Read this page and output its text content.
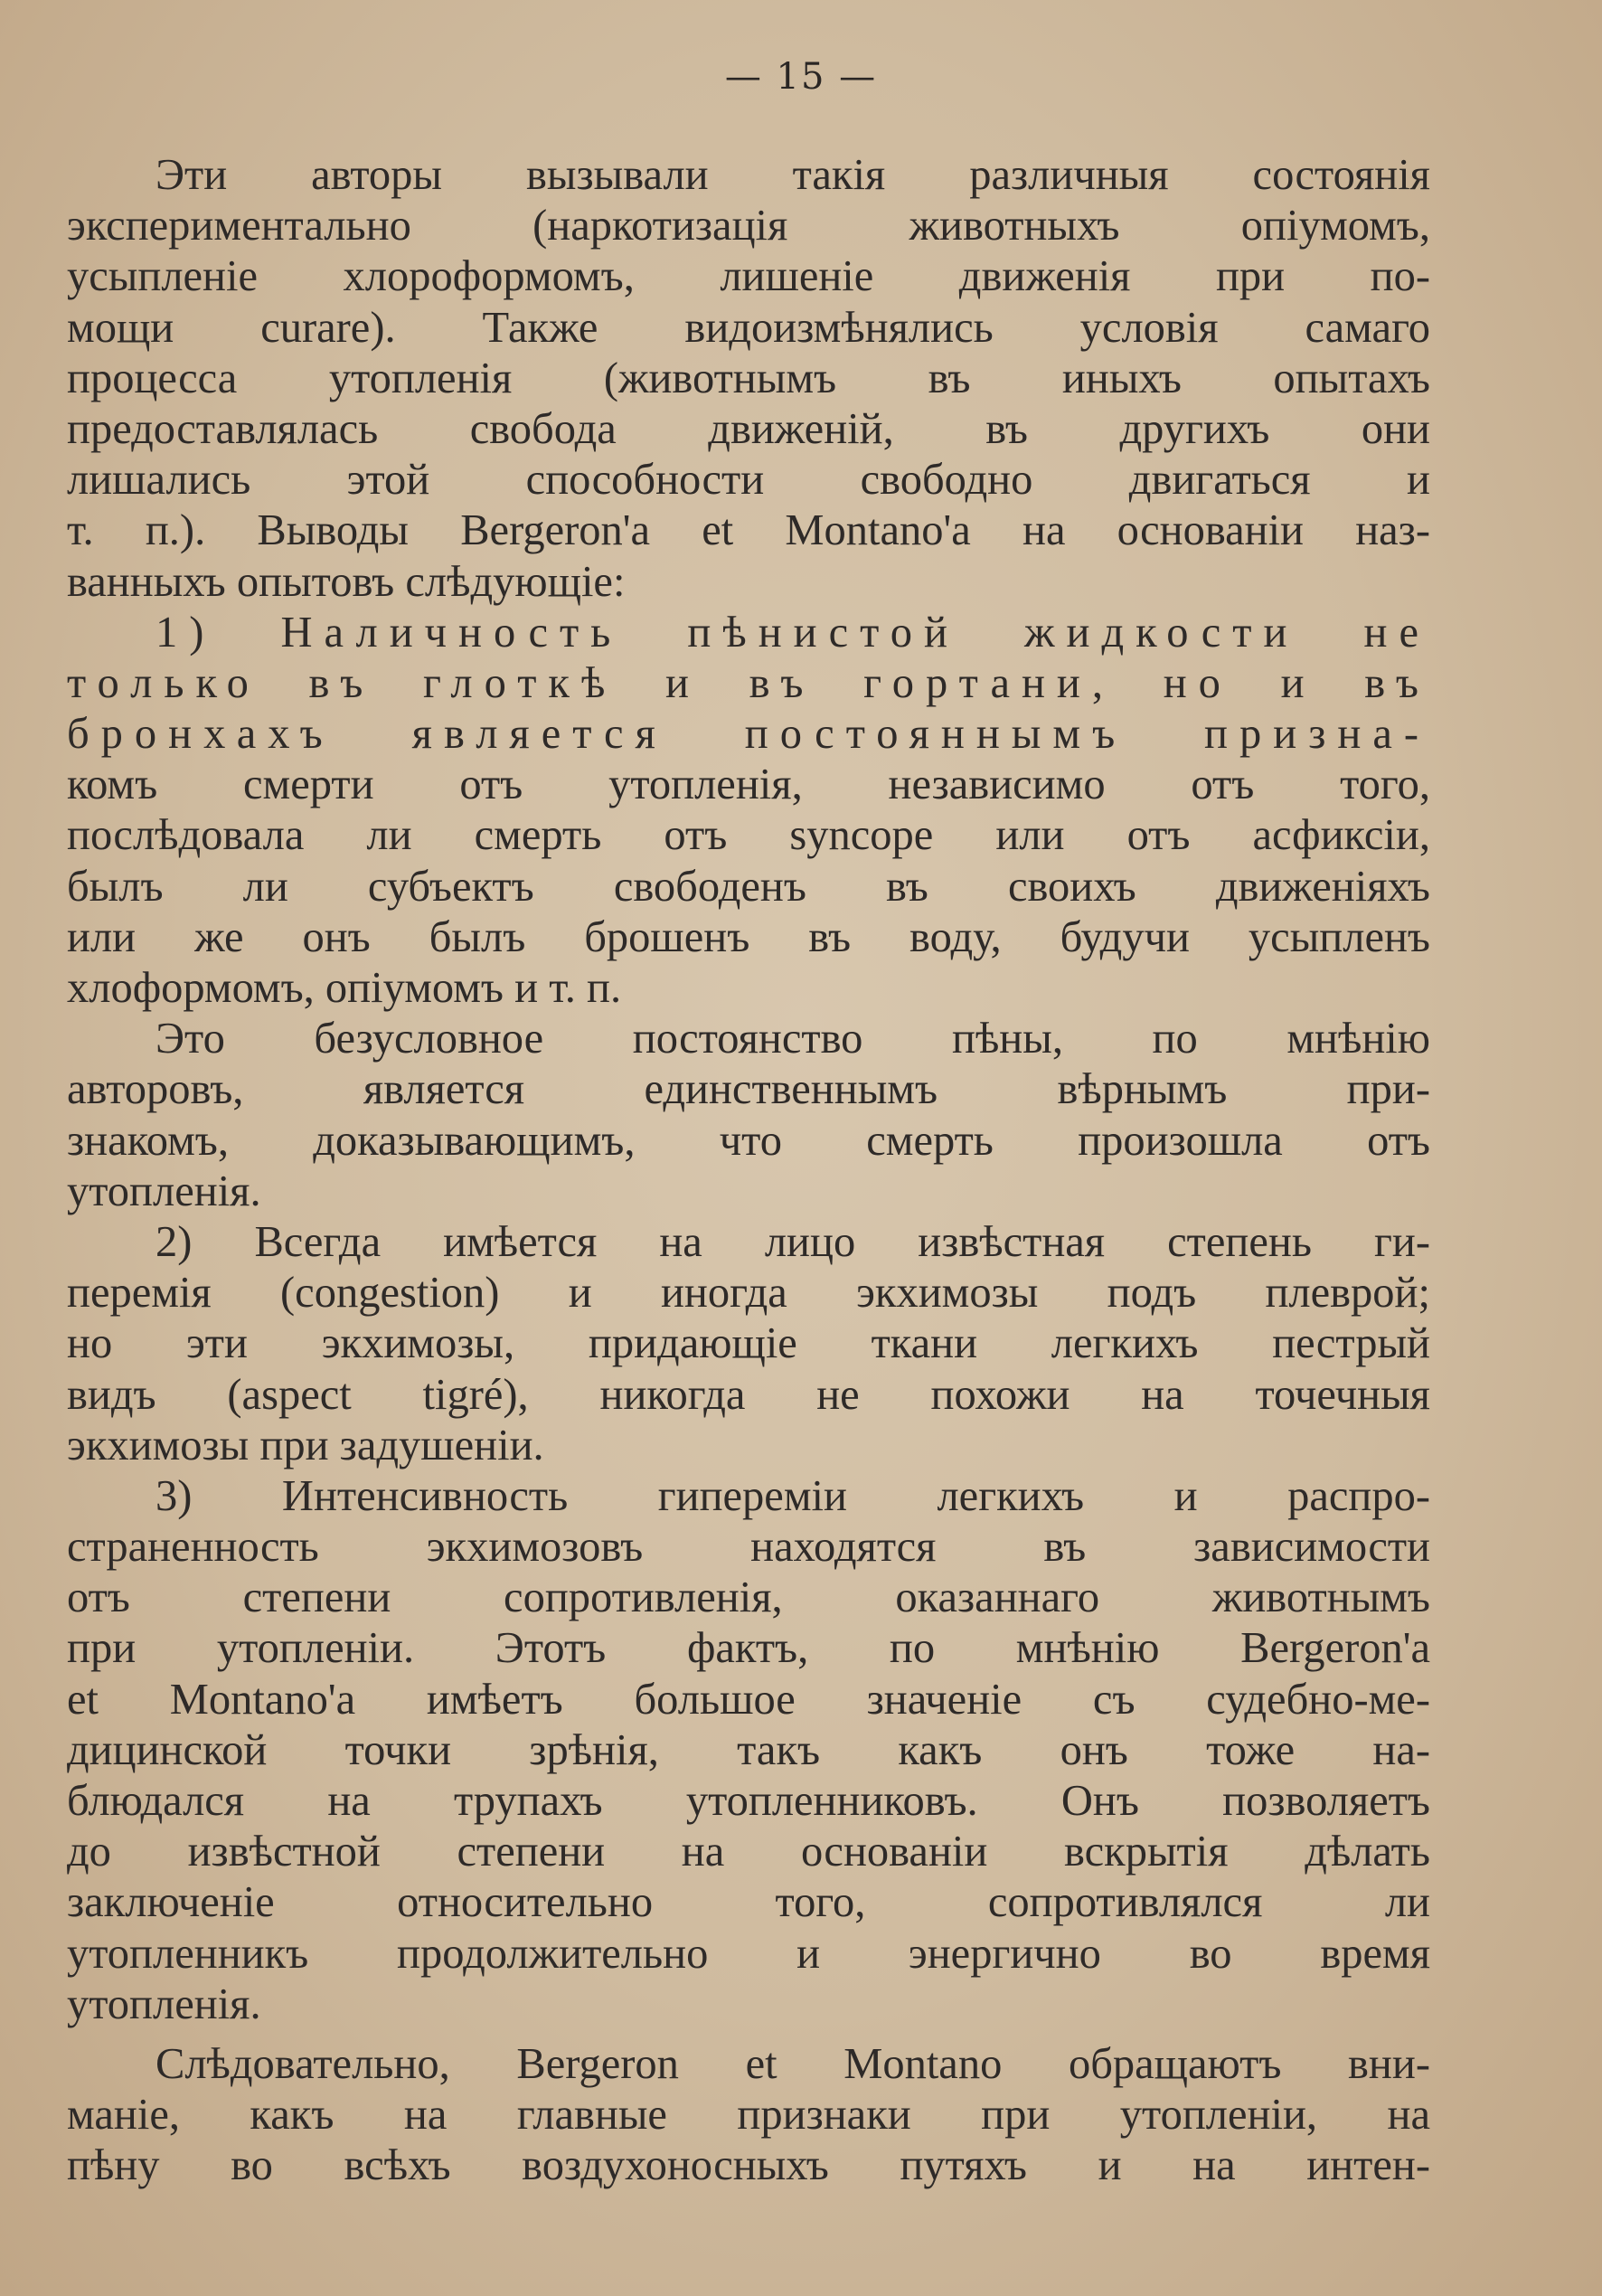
— 15 —
Эти авторы вызывали такія различныя состоянія
экспериментально (наркотизація животныхъ опіумомъ,
усыпленіе хлороформомъ, лишеніе движенія при по-
мощи curare). Также видоизмѣнялись условія самаго
процесса утопленія (животнымъ въ иныхъ опытахъ
предоставлялась свобода движеній, въ другихъ они
лишались этой способности свободно двигаться и
т. п.). Выводы Bergeron'a et Montano'a на основаніи наз-
ванныхъ опытовъ слѣдующіе:
1) Наличность пѣнистой жидкости не
только въ глоткѣ и въ гортани, но и въ
бронхахъ является постояннымъ призна-
комъ смерти отъ утопленія, независимо отъ того,
послѣдовала ли смерть отъ syncope или отъ асфиксіи,
былъ ли субъектъ свободенъ въ своихъ движеніяхъ
или же онъ былъ брошенъ въ воду, будучи усыпленъ
хлоформомъ, опіумомъ и т. п.
Это безусловное постоянство пѣны, по мнѣнію
авторовъ, является единственнымъ вѣрнымъ при-
знакомъ, доказывающимъ, что смерть произошла отъ
утопленія.
2) Всегда имѣется на лицо извѣстная степень ги-
перемія (congestion) и иногда экхимозы подъ плеврой;
но эти экхимозы, придающіе ткани легкихъ пестрый
видъ (aspect tigré), никогда не похожи на точечныя
экхимозы при задушеніи.
3) Интенсивность гипереміи легкихъ и распро-
страненность экхимозовъ находятся въ зависимости
отъ степени сопротивленія, оказаннаго животнымъ
при утопленіи. Этотъ фактъ, по мнѣнію Bergeron'a
et Montano'a имѣетъ большое значеніе съ судебно-ме-
дицинской точки зрѣнія, такъ какъ онъ тоже на-
блюдался на трупахъ утопленниковъ. Онъ позволяетъ
до извѣстной степени на основаніи вскрытія дѣлать
заключеніе относительно того, сопротивлялся ли
утопленникъ продолжительно и энергично во время
утопленія.
Слѣдовательно, Bergeron et Montano обращаютъ вни-
маніе, какъ на главные признаки при утопленіи, на
пѣну во всѣхъ воздухоносныхъ путяхъ и на интен-
